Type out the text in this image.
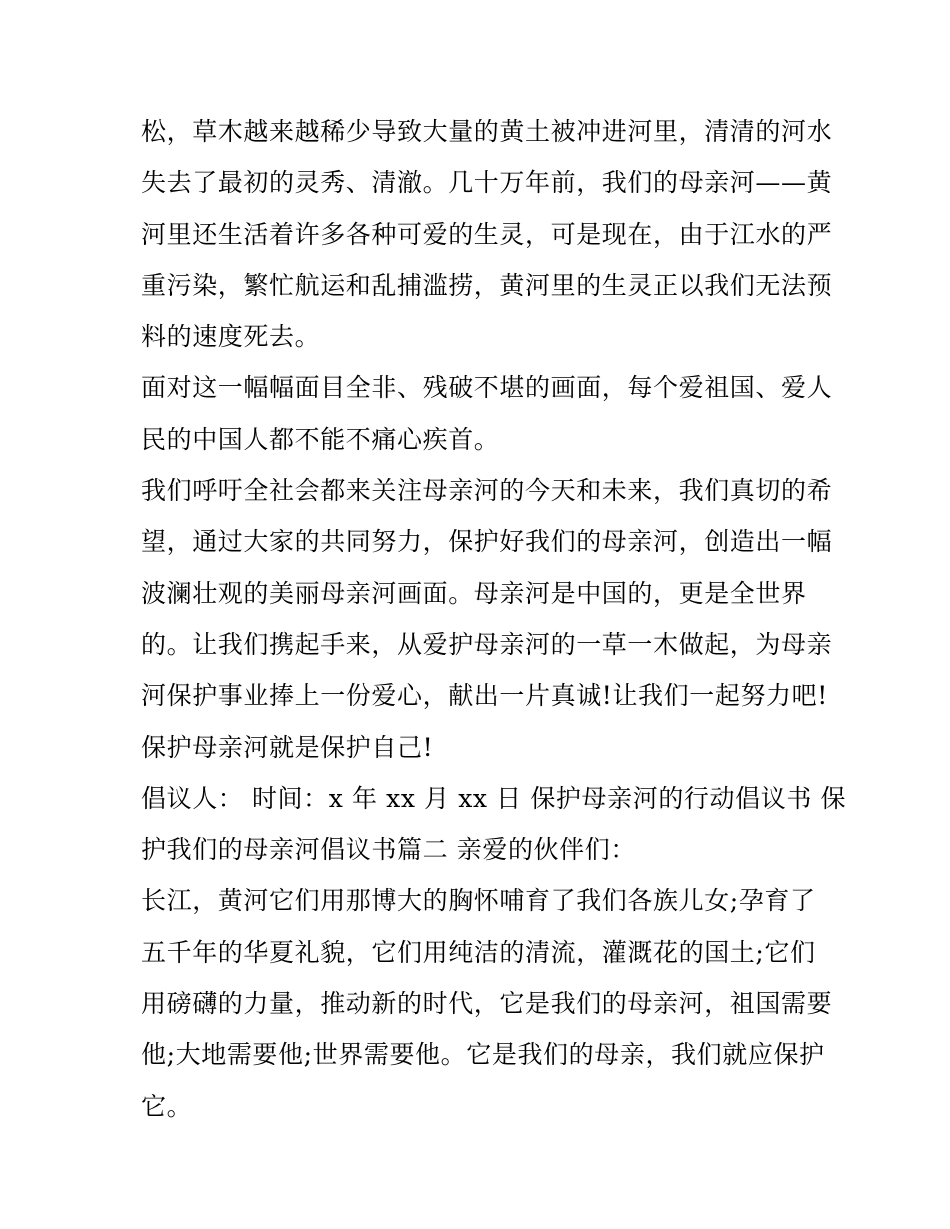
松，草木越来越稀少导致大量的黄土被冲进河里，清清的河水
失去了最初的灵秀、清澈。几十万年前，我们的母亲河——黄
河里还生活着许多各种可爱的生灵，可是现在，由于江水的严
重污染，繁忙航运和乱捕滥捞，黄河里的生灵正以我们无法预
料的速度死去。
面对这一幅幅面目全非、残破不堪的画面，每个爱祖国、爱人
民的中国人都不能不痛心疾首。
我们呼吁全社会都来关注母亲河的今天和未来，我们真切的希
望，通过大家的共同努力，保护好我们的母亲河，创造出一幅
波澜壮观的美丽母亲河画面。母亲河是中国的，更是全世界
的。让我们携起手来，从爱护母亲河的一草一木做起，为母亲
河保护事业捧上一份爱心，献出一片真诚!让我们一起努力吧!
保护母亲河就是保护自己!
倡议人： 时间：x 年 xx 月 xx 日 保护母亲河的行动倡议书 保
护我们的母亲河倡议书篇二 亲爱的伙伴们：
长江，黄河它们用那博大的胸怀哺育了我们各族儿女;孕育了
五千年的华夏礼貌，它们用纯洁的清流，灌溉花的国土;它们
用磅礴的力量，推动新的时代，它是我们的母亲河，祖国需要
他;大地需要他;世界需要他。它是我们的母亲，我们就应保护
它。
